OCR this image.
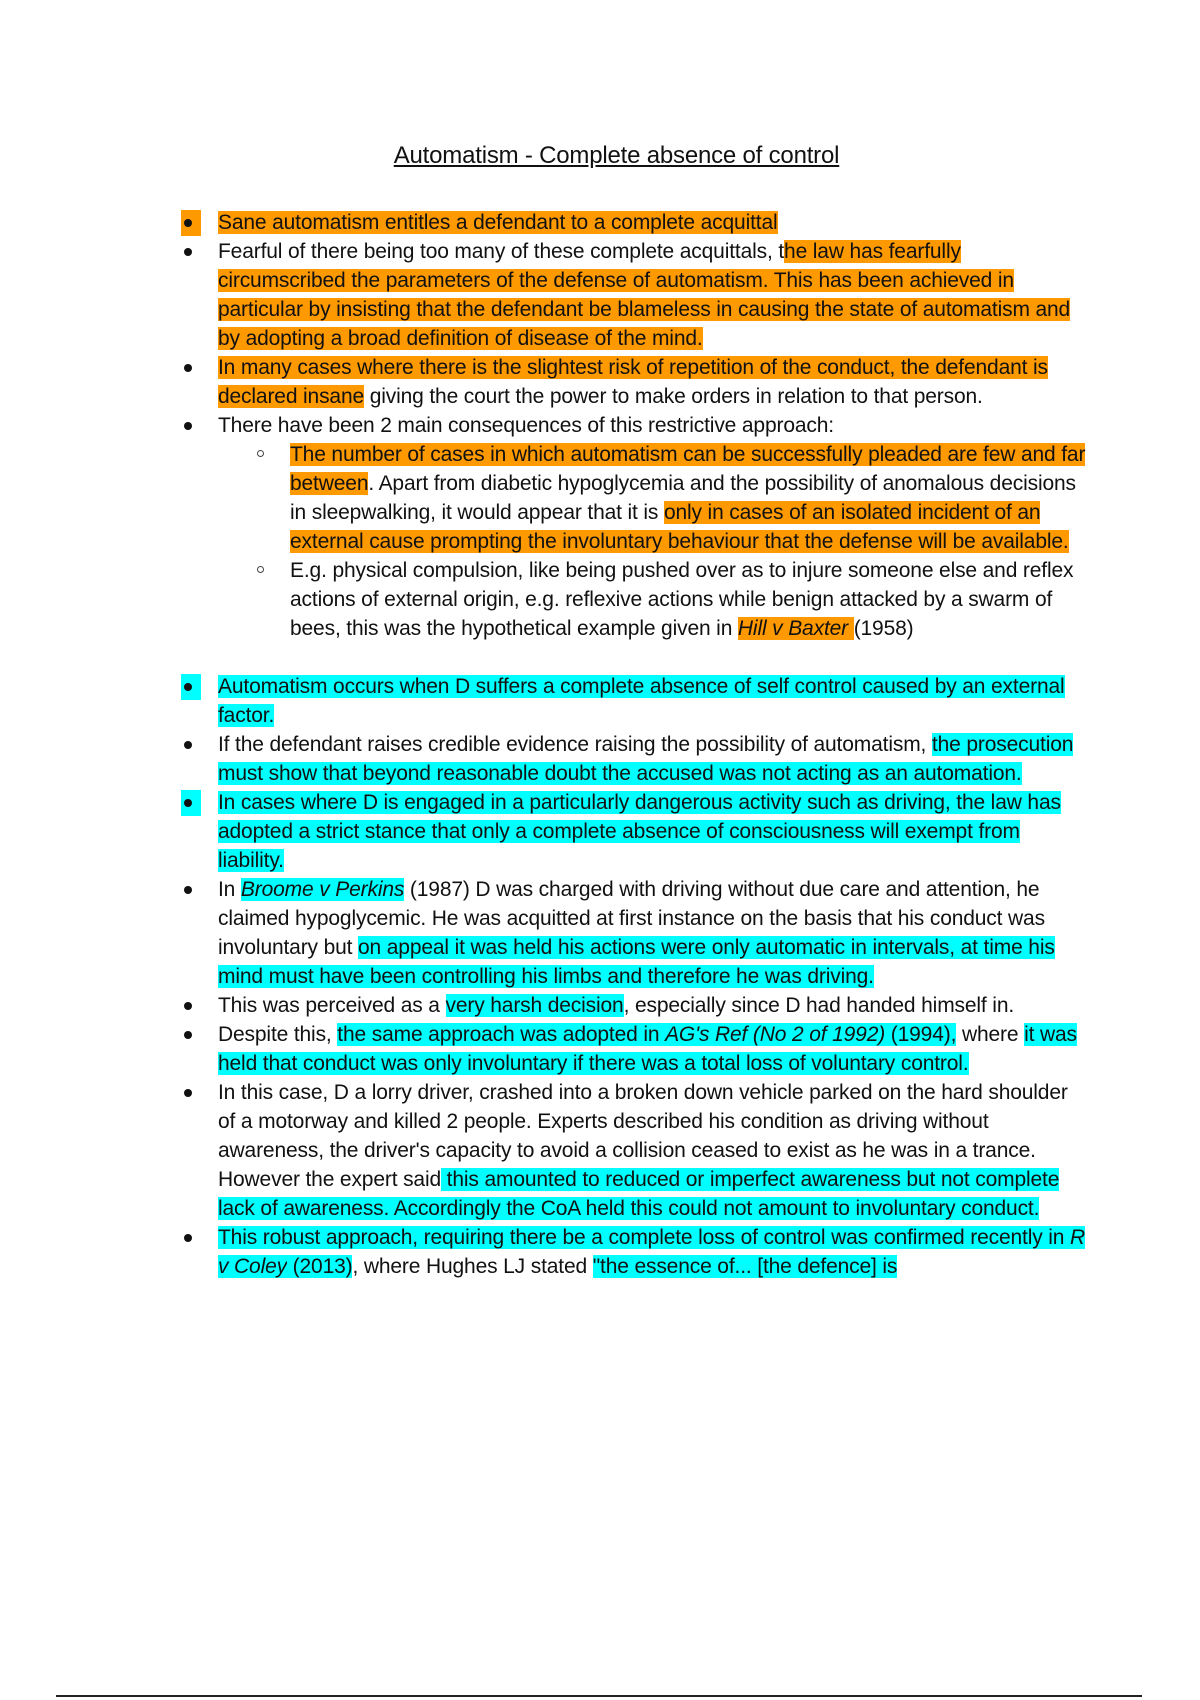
Automatism - Complete absence of control
Sane automatism entitles a defendant to a complete acquittal
Fearful of there being too many of these complete acquittals, the law has fearfully circumscribed the parameters of the defense of automatism. This has been achieved in particular by insisting that the defendant be blameless in causing the state of automatism and by adopting a broad definition of disease of the mind.
In many cases where there is the slightest risk of repetition of the conduct, the defendant is declared insane giving the court the power to make orders in relation to that person.
There have been 2 main consequences of this restrictive approach:
The number of cases in which automatism can be successfully pleaded are few and far between. Apart from diabetic hypoglycemia and the possibility of anomalous decisions in sleepwalking, it would appear that it is only in cases of an isolated incident of an external cause prompting the involuntary behaviour that the defense will be available.
E.g. physical compulsion, like being pushed over as to injure someone else and reflex actions of external origin, e.g. reflexive actions while benign attacked by a swarm of bees, this was the hypothetical example given in Hill v Baxter (1958)
Automatism occurs when D suffers a complete absence of self control caused by an external factor.
If the defendant raises credible evidence raising the possibility of automatism, the prosecution must show that beyond reasonable doubt the accused was not acting as an automation.
In cases where D is engaged in a particularly dangerous activity such as driving, the law has adopted a strict stance that only a complete absence of consciousness will exempt from liability.
In Broome v Perkins (1987) D was charged with driving without due care and attention, he claimed hypoglycemic. He was acquitted at first instance on the basis that his conduct was involuntary but on appeal it was held his actions were only automatic in intervals, at time his mind must have been controlling his limbs and therefore he was driving.
This was perceived as a very harsh decision, especially since D had handed himself in.
Despite this, the same approach was adopted in AG's Ref (No 2 of 1992) (1994), where it was held that conduct was only involuntary if there was a total loss of voluntary control.
In this case, D a lorry driver, crashed into a broken down vehicle parked on the hard shoulder of a motorway and killed 2 people. Experts described his condition as driving without awareness, the driver's capacity to avoid a collision ceased to exist as he was in a trance. However the expert said this amounted to reduced or imperfect awareness but not complete lack of awareness. Accordingly the CoA held this could not amount to involuntary conduct.
This robust approach, requiring there be a complete loss of control was confirmed recently in R v Coley (2013), where Hughes LJ stated "the essence of... [the defence] is
